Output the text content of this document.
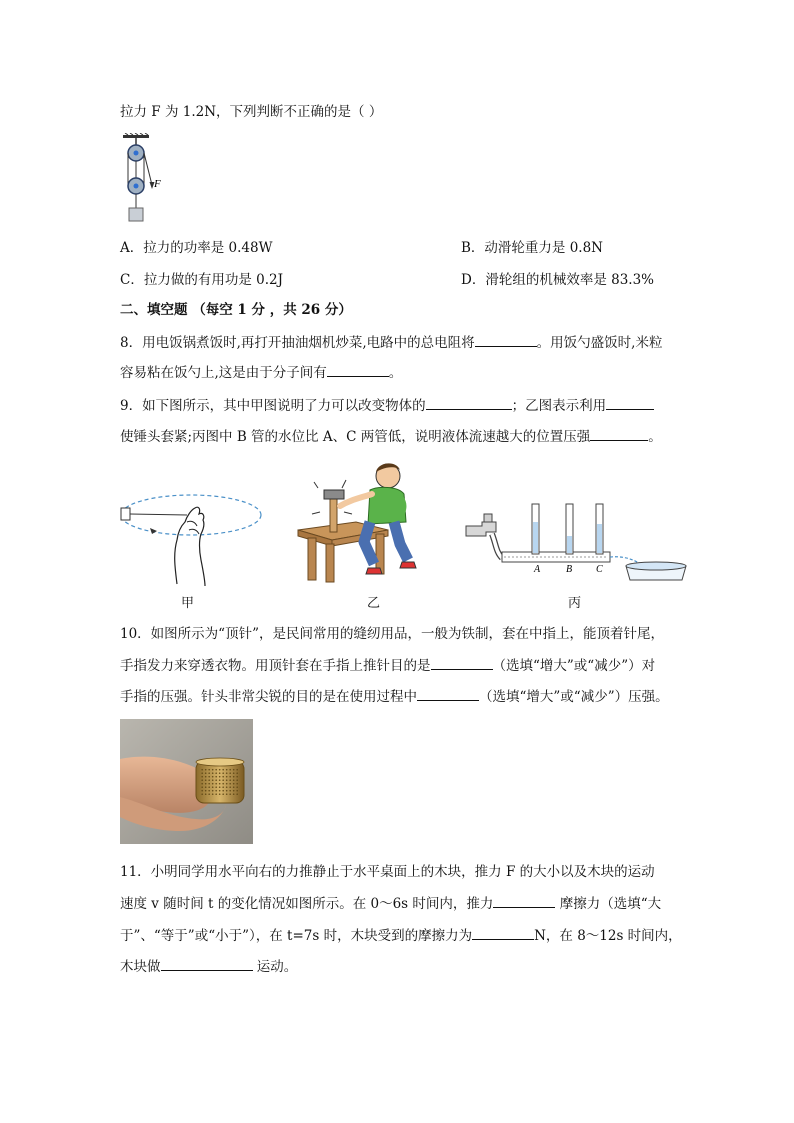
拉力 F 为 1.2N，下列判断不正确的是（ ）
F
A．拉力的功率是 0.48W	B．动滑轮重力是 0.8N
C．拉力做的有用功是 0.2J	D．滑轮组的机械效率是 83.3%
二、填空题 （每空 1 分 ，共 26 分）
8．用电饭锅煮饭时,再打开抽油烟机炒菜,电路中的总电阻将	。用饭勺盛饭时,米粒
容易粘在饭勺上,这是由于分子间有	。
9．如下图所示，其中甲图说明了力可以改变物体的	；乙图表示利用
使锤头套紧;丙图中 B 管的水位比 A、C 两管低，说明液体流速越大的位置压强	。
甲	乙
A	B C
丙
10．如图所示为“顶针”，是民间常用的缝纫用品，一般为铁制，套在中指上，能顶着针尾，
手指发力来穿透衣物。用顶针套在手指上推针目的是	（选填“增大”或“减少”）对
手指的压强。针头非常尖锐的目的是在使用过程中	（选填“增大”或“减少”）压强。
11．小明同学用水平向右的力推静止于水平桌面上的木块，推力 F 的大小以及木块的运动
速度 v 随时间 t 的变化情况如图所示。在 0～6s 时间内，推力	摩擦力（选填“大
于”、“等于”或“小于”），在 t=7s 时，木块受到的摩擦力为	N，在 8～12s 时间内，
木块做	运动。
